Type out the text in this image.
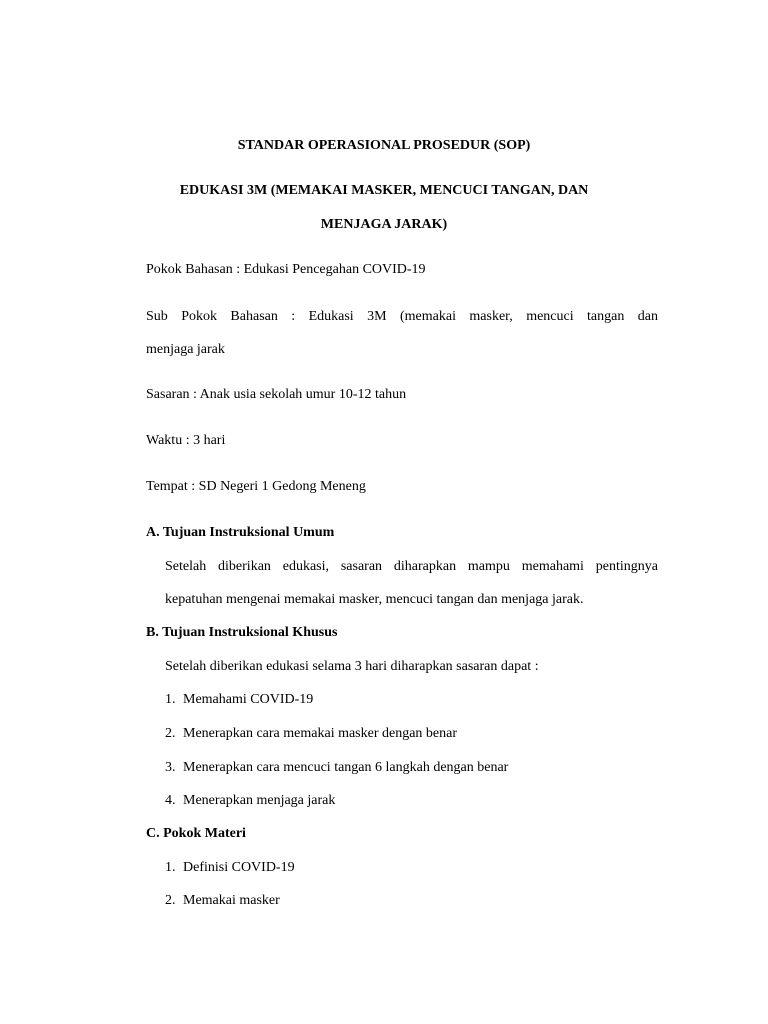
STANDAR OPERASIONAL PROSEDUR (SOP)
EDUKASI 3M (MEMAKAI MASKER, MENCUCI TANGAN, DAN
MENJAGA JARAK)
Pokok Bahasan : Edukasi Pencegahan COVID-19
Sub Pokok Bahasan : Edukasi 3M (memakai masker, mencuci tangan dan
menjaga jarak
Sasaran : Anak usia sekolah umur 10-12 tahun
Waktu : 3 hari
Tempat : SD Negeri 1 Gedong Meneng
A. Tujuan Instruksional Umum
Setelah diberikan edukasi, sasaran diharapkan mampu memahami pentingnya
kepatuhan mengenai memakai masker, mencuci tangan dan menjaga jarak.
B. Tujuan Instruksional Khusus
Setelah diberikan edukasi selama 3 hari diharapkan sasaran dapat :
1. Memahami COVID-19
2. Menerapkan cara memakai masker dengan benar
3. Menerapkan cara mencuci tangan 6 langkah dengan benar
4. Menerapkan menjaga jarak
C. Pokok Materi
1. Definisi COVID-19
2. Memakai masker
